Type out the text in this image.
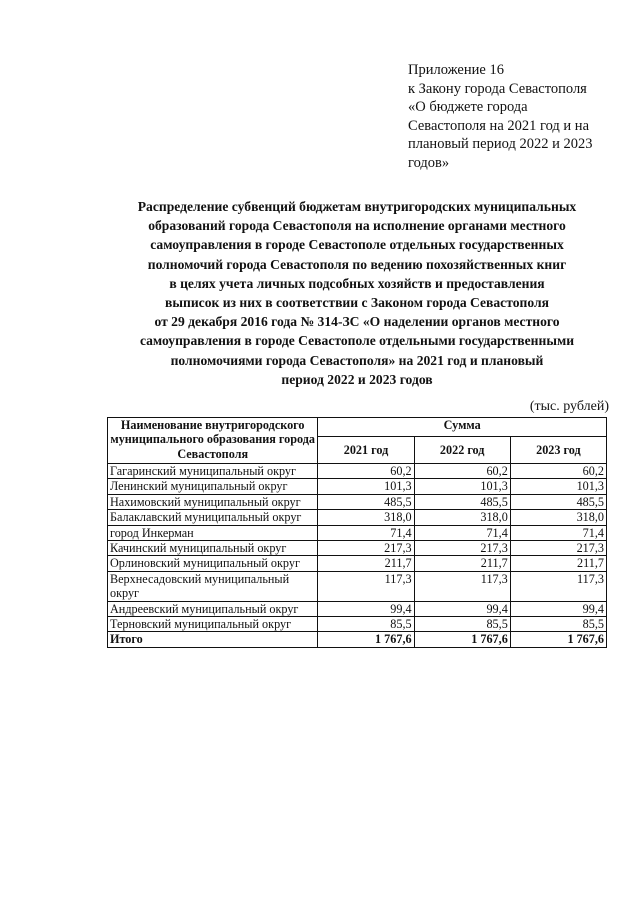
Приложение 16
к Закону города Севастополя
«О бюджете города
Севастополя на 2021 год и на
плановый период 2022 и 2023
годов»
Распределение субвенций бюджетам внутригородских муниципальных
образований города Севастополя на исполнение органами местного
самоуправления в городе Севастополе отдельных государственных
полномочий города Севастополя по ведению похозяйственных книг
в целях учета личных подсобных хозяйств и предоставления
выписок из них в соответствии с Законом города Севастополя
от 29 декабря 2016 года № 314-ЗС «О наделении органов местного
самоуправления в городе Севастополе отдельными государственными
полномочиями города Севастополя» на 2021 год и плановый
период 2022 и 2023 годов
(тыс. рублей)
Наименование внутригородского муниципального образования города Севастополя	Сумма		
	2021 год	2022 год	2023 год
Гагаринский муниципальный округ	60,2	60,2	60,2
Ленинский муниципальный округ	101,3	101,3	101,3
Нахимовский муниципальный округ	485,5	485,5	485,5
Балаклавский муниципальный округ	318,0	318,0	318,0
город Инкерман	71,4	71,4	71,4
Качинский муниципальный округ	217,3	217,3	217,3
Орлиновский муниципальный округ	211,7	211,7	211,7
Верхнесадовский муниципальный округ	117,3	117,3	117,3
Андреевский муниципальный округ	99,4	99,4	99,4
Терновский муниципальный округ	85,5	85,5	85,5
Итого	1 767,6	1 767,6	1 767,6
